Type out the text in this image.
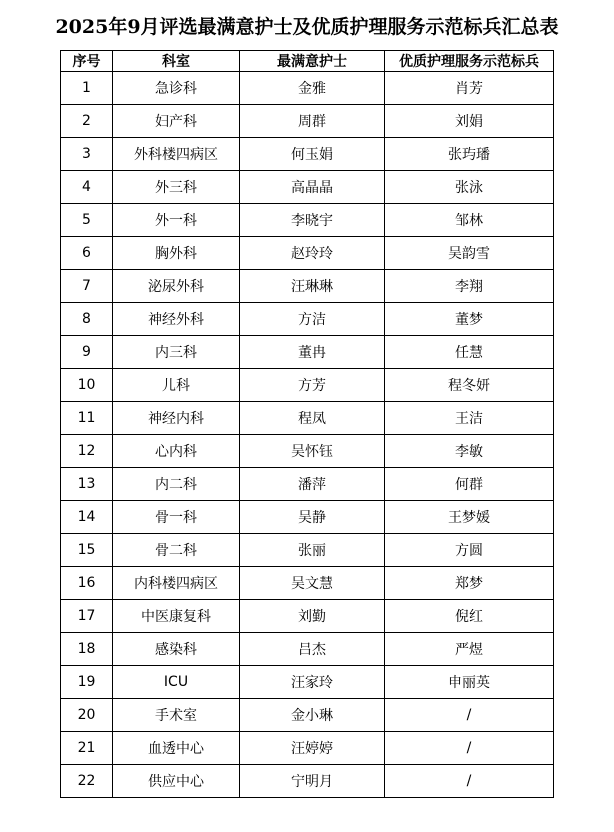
2025年9月评选最满意护士及优质护理服务示范标兵汇总表
序号	科室	最满意护士	优质护理服务示范标兵
1	急诊科	金雅	肖芳
2	妇产科	周群	刘娟
3	外科楼四病区	何玉娟	张玙璠
4	外三科	高晶晶	张泳
5	外一科	李晓宇	邹林
6	胸外科	赵玲玲	吴韵雪
7	泌尿外科	汪琳琳	李翔
8	神经外科	方洁	董梦
9	内三科	董冉	任慧
10	儿科	方芳	程冬妍
11	神经内科	程凤	王洁
12	心内科	吴怀钰	李敏
13	内二科	潘萍	何群
14	骨一科	吴静	王梦媛
15	骨二科	张丽	方圆
16	内科楼四病区	吴文慧	郑梦
17	中医康复科	刘勤	倪红
18	感染科	吕杰	严煜
19	ICU	汪家玲	申丽英
20	手术室	金小琳	/
21	血透中心	汪婷婷	/
22	供应中心	宁明月	/
